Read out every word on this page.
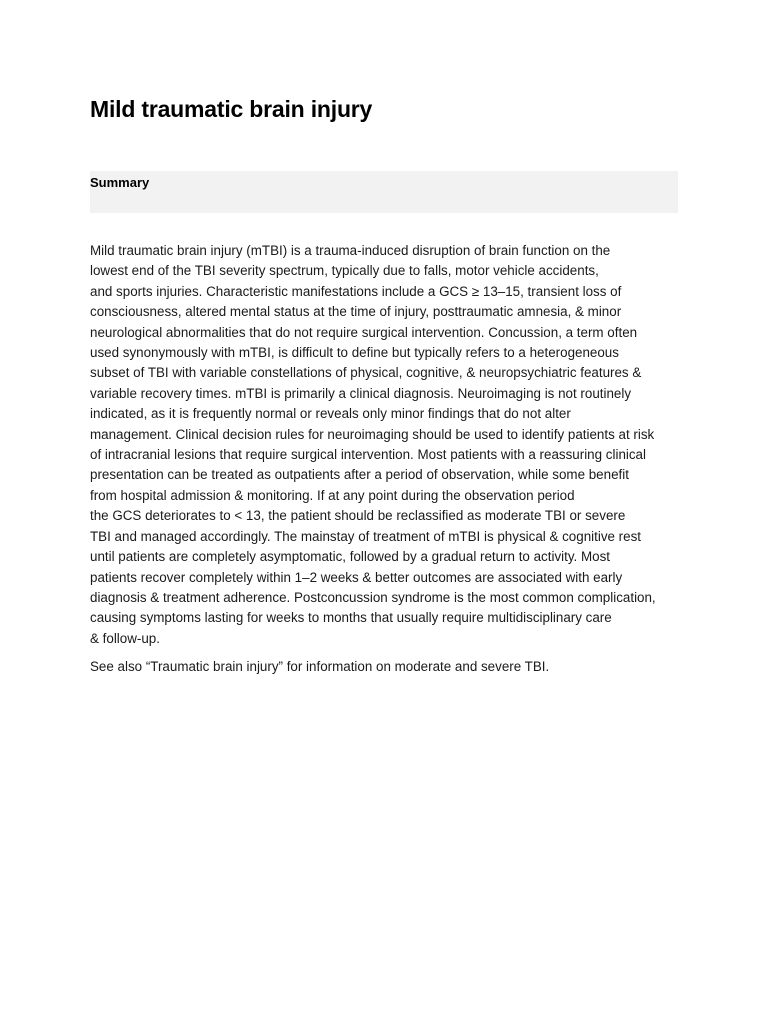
Mild traumatic brain injury
Summary

Mild traumatic brain injury (mTBI) is a trauma-induced disruption of brain function on the
lowest end of the TBI severity spectrum, typically due to falls, motor vehicle accidents,
and sports injuries. Characteristic manifestations include a GCS ≥ 13–15, transient loss of
consciousness, altered mental status at the time of injury, posttraumatic amnesia, & minor
neurological abnormalities that do not require surgical intervention. Concussion, a term often
used synonymously with mTBI, is difficult to define but typically refers to a heterogeneous
subset of TBI with variable constellations of physical, cognitive, & neuropsychiatric features &
variable recovery times. mTBI is primarily a clinical diagnosis. Neuroimaging is not routinely
indicated, as it is frequently normal or reveals only minor findings that do not alter
management. Clinical decision rules for neuroimaging should be used to identify patients at risk
of intracranial lesions that require surgical intervention. Most patients with a reassuring clinical
presentation can be treated as outpatients after a period of observation, while some benefit
from hospital admission & monitoring. If at any point during the observation period
the GCS deteriorates to < 13, the patient should be reclassified as moderate TBI or severe
TBI and managed accordingly. The mainstay of treatment of mTBI is physical & cognitive rest
until patients are completely asymptomatic, followed by a gradual return to activity. Most
patients recover completely within 1–2 weeks & better outcomes are associated with early
diagnosis & treatment adherence. Postconcussion syndrome is the most common complication,
causing symptoms lasting for weeks to months that usually require multidisciplinary care
& follow-up.

See also “Traumatic brain injury” for information on moderate and severe TBI.
